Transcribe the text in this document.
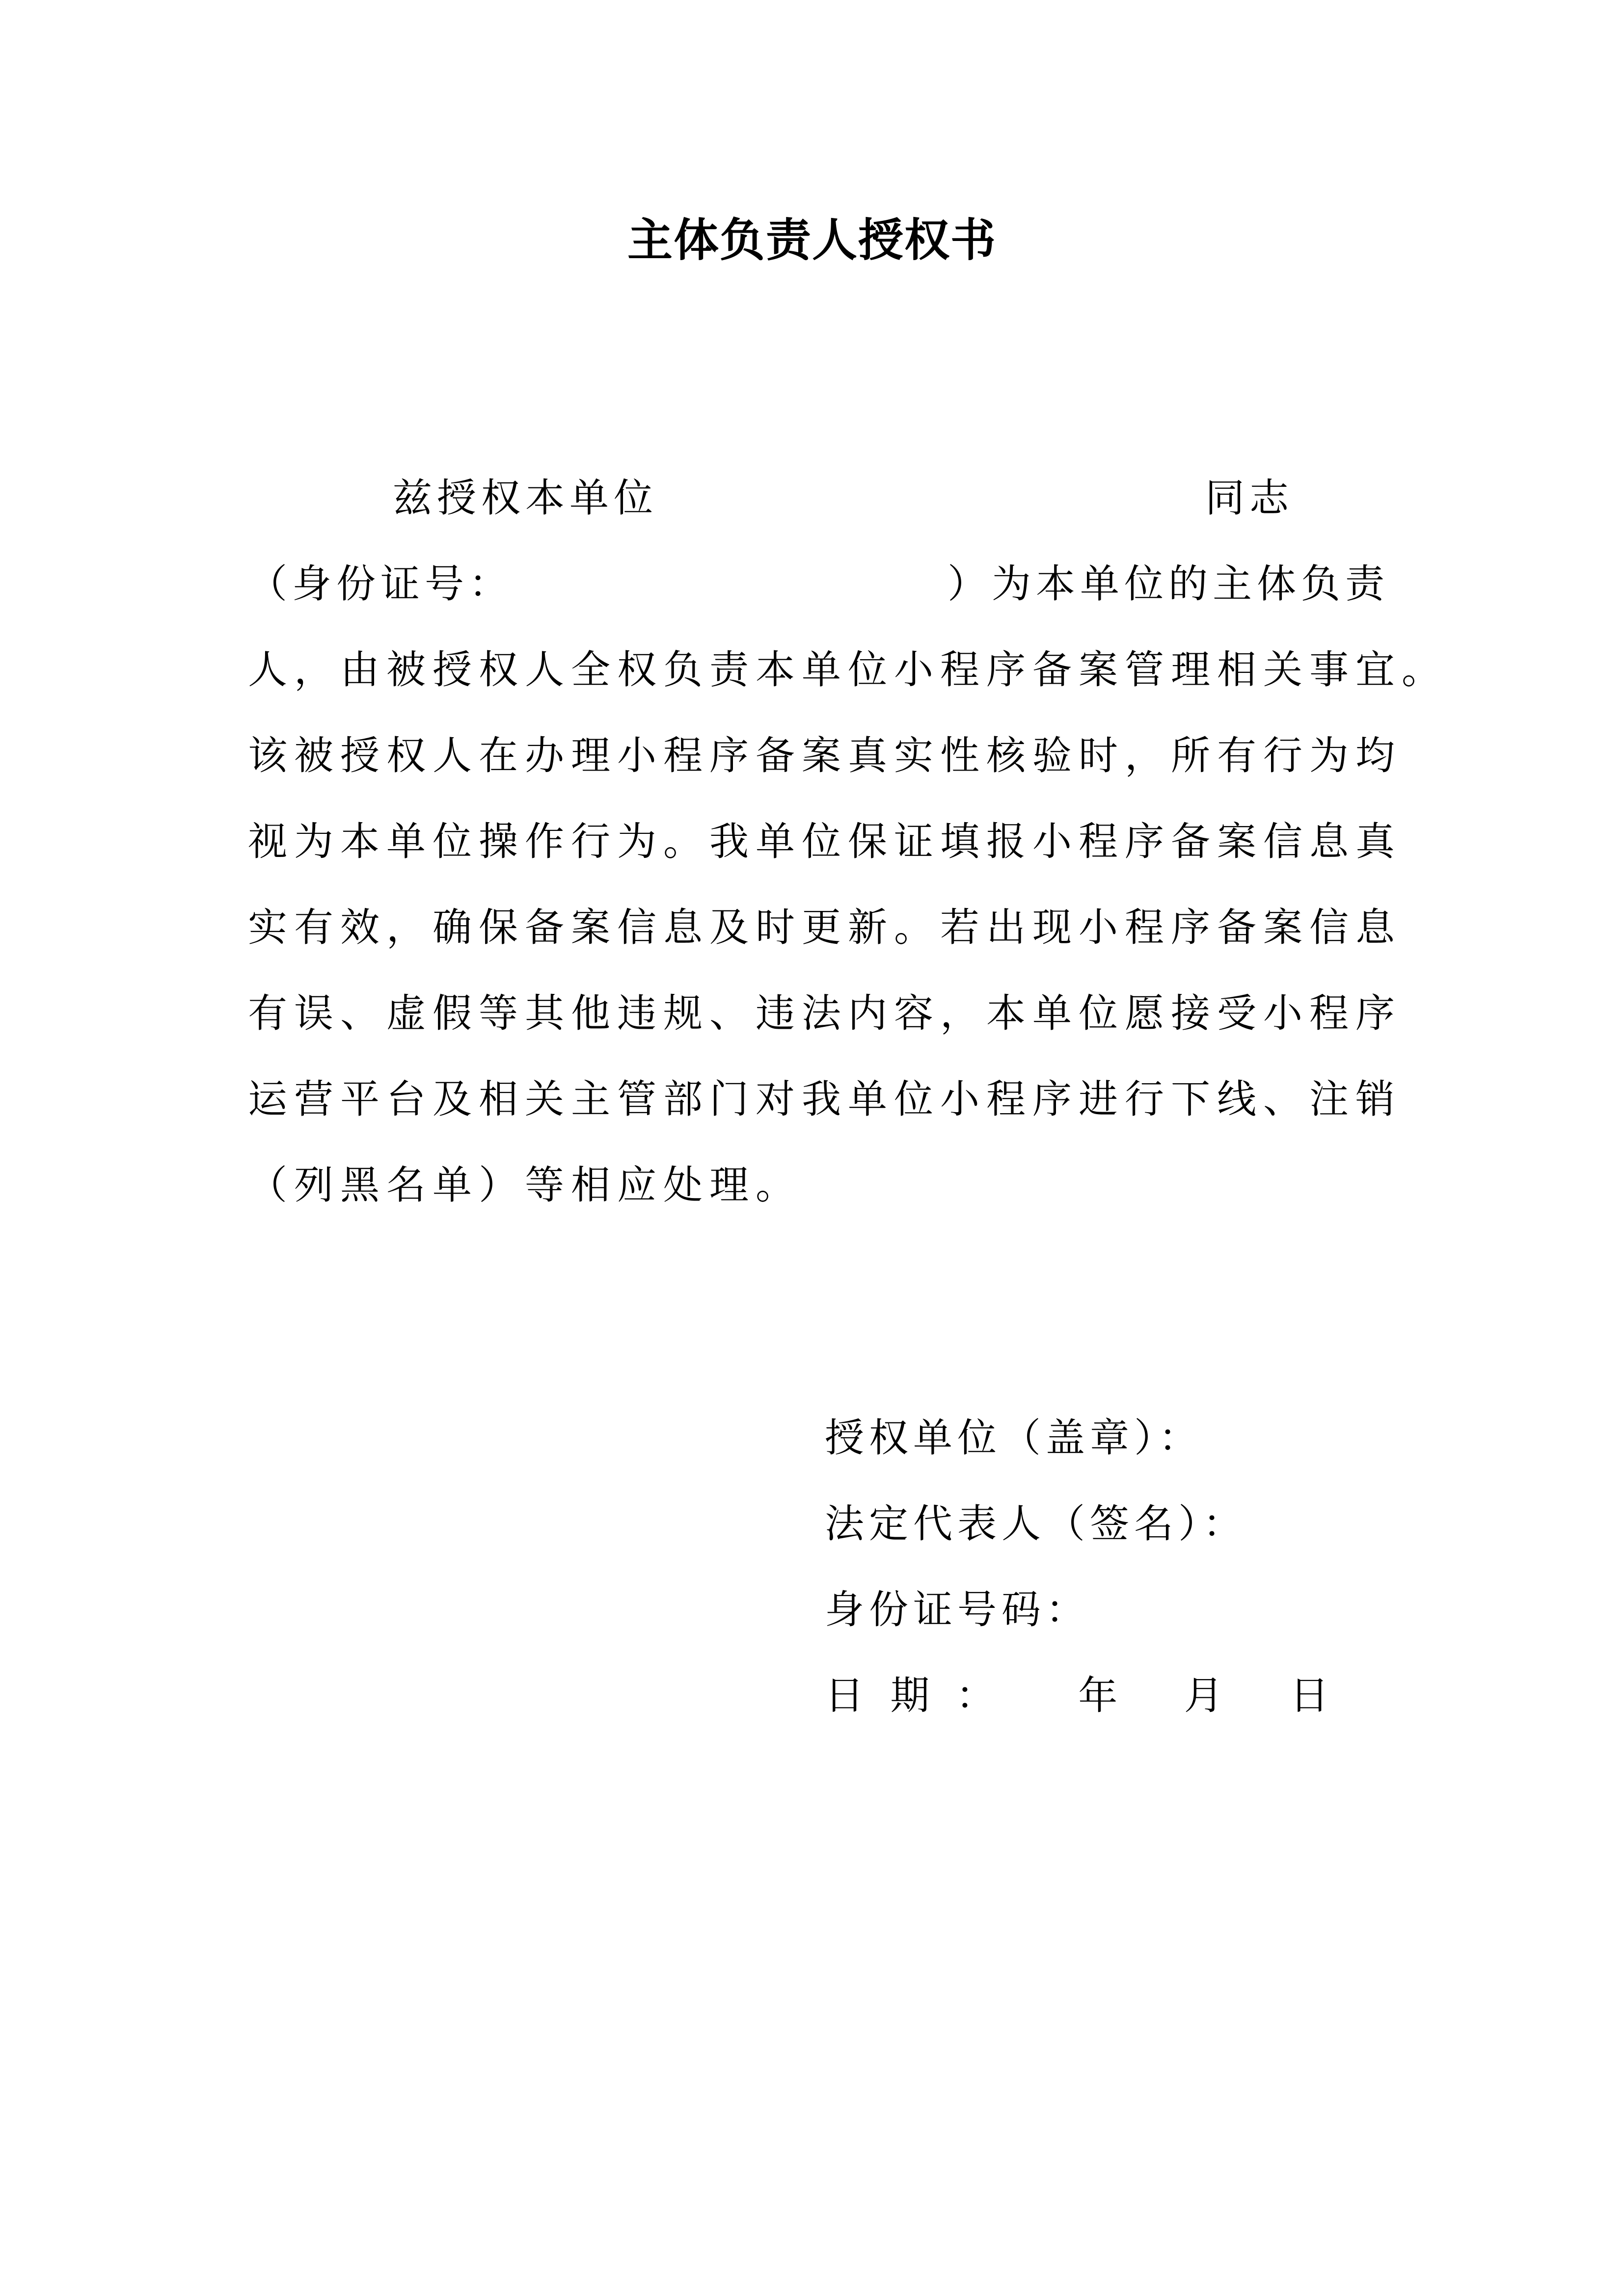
主体负责人授权书
兹授权本单位	同志
（身份证号：	）为本单位的主体负责
人，由被授权人全权负责本单位小程序备案管理相关事宜。
该被授权人在办理小程序备案真实性核验时，所有行为均
视为本单位操作行为。我单位保证填报小程序备案信息真
实有效，确保备案信息及时更新。若出现小程序备案信息
有误、虚假等其他违规、违法内容，本单位愿接受小程序
运营平台及相关主管部门对我单位小程序进行下线、注销
（列黑名单）等相应处理。
授权单位（盖章）：
法定代表人（签名）：
身份证号码：
日 期 ： 年 月 日
